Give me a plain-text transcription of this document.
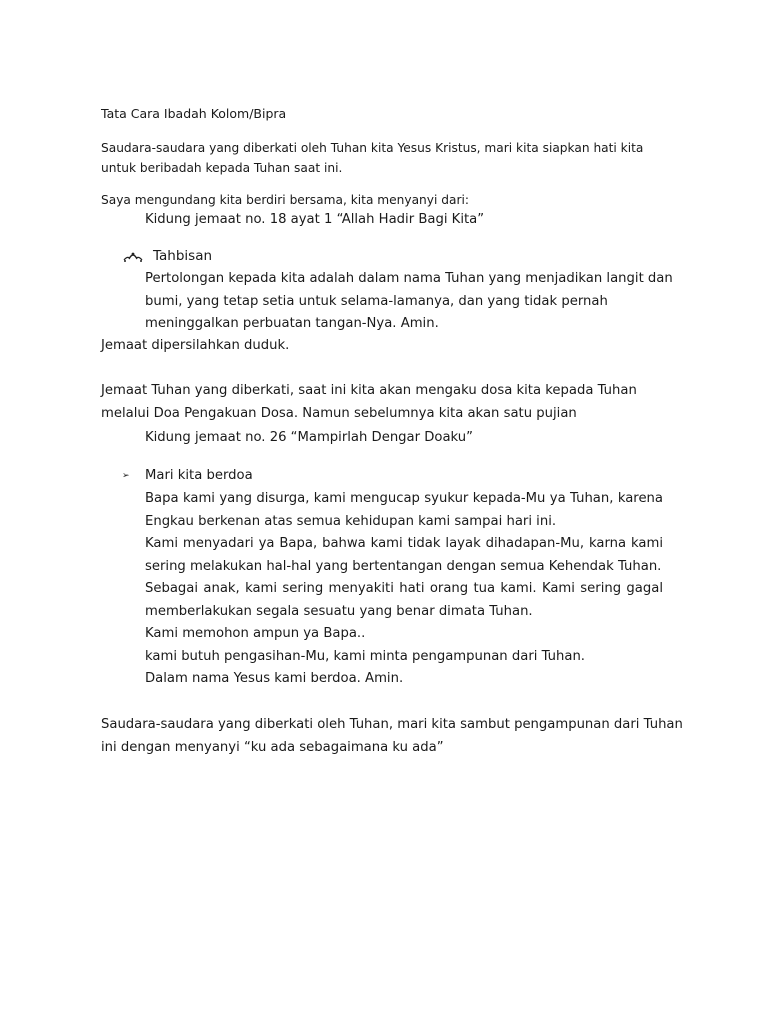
Tata Cara Ibadah Kolom/Bipra
Saudara-saudara yang diberkati oleh Tuhan kita Yesus Kristus, mari kita siapkan hati kita
untuk beribadah kepada Tuhan saat ini.
Saya mengundang kita berdiri bersama, kita menyanyi dari:
Kidung jemaat no. 18 ayat 1 “Allah Hadir Bagi Kita”
Tahbisan
Pertolongan kepada kita adalah dalam nama Tuhan yang menjadikan langit dan
bumi, yang tetap setia untuk selama-lamanya, dan yang tidak pernah
meninggalkan perbuatan tangan-Nya. Amin.
Jemaat dipersilahkan duduk.
Jemaat Tuhan yang diberkati, saat ini kita akan mengaku dosa kita kepada Tuhan
melalui Doa Pengakuan Dosa. Namun sebelumnya kita akan satu pujian
Kidung jemaat no. 26 “Mampirlah Dengar Doaku”
➢	Mari kita berdoa
Bapa kami yang disurga, kami mengucap syukur kepada-Mu ya Tuhan, karena
Engkau berkenan atas semua kehidupan kami sampai hari ini.
Kami menyadari ya Bapa, bahwa kami tidak layak dihadapan-Mu, karna kami
sering melakukan hal-hal yang bertentangan dengan semua Kehendak Tuhan.
Sebagai anak, kami sering menyakiti hati orang tua kami. Kami sering gagal
memberlakukan segala sesuatu yang benar dimata Tuhan.
Kami memohon ampun ya Bapa..
kami butuh pengasihan-Mu, kami minta pengampunan dari Tuhan.
Dalam nama Yesus kami berdoa. Amin.
Saudara-saudara yang diberkati oleh Tuhan, mari kita sambut pengampunan dari Tuhan
ini dengan menyanyi “ku ada sebagaimana ku ada”
